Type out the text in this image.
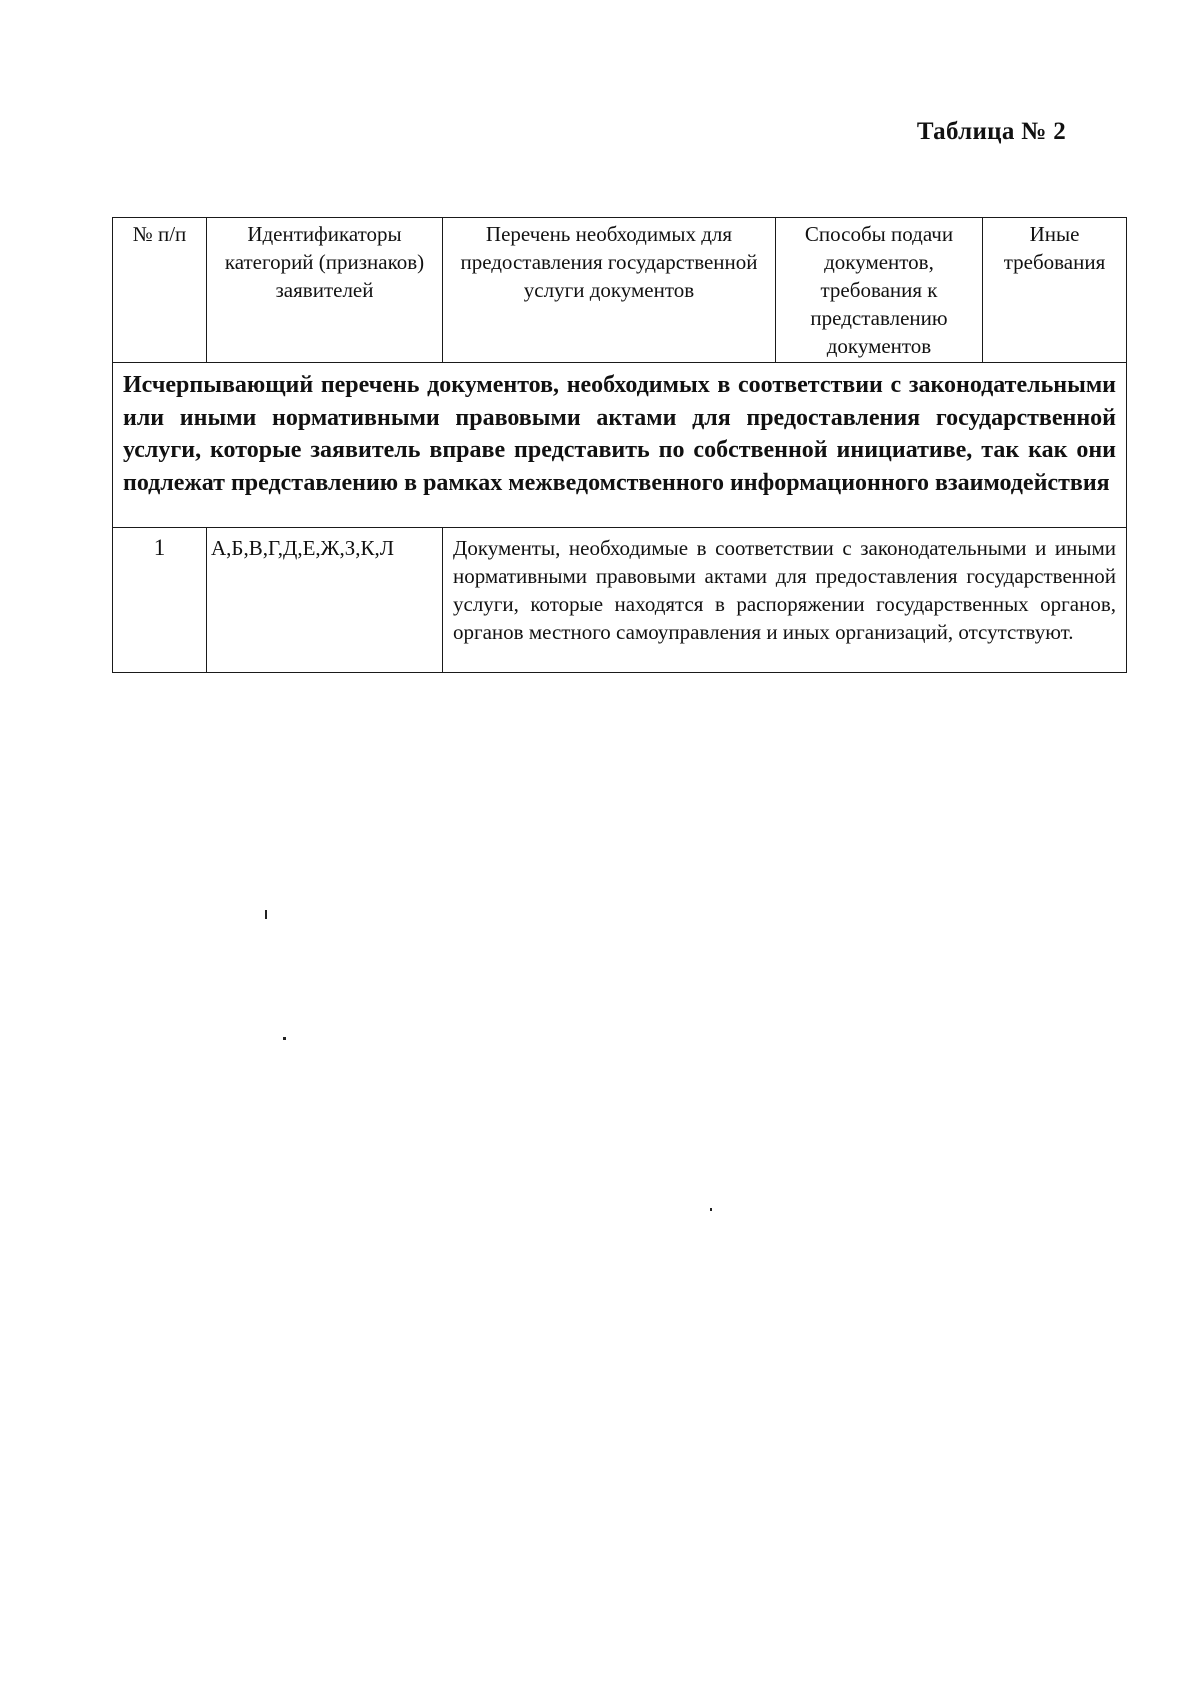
Таблица № 2
№ п/п	Идентификаторы категорий (признаков) заявителей	Перечень необходимых для предоставления государственной услуги документов	Способы подачи документов, требования к представлению документов	Иные требования
Исчерпывающий перечень документов, необходимых в соответствии с законодательными или иными нормативными правовыми актами для предоставления государственной услуги, которые заявитель вправе представить по собственной инициативе, так как они подлежат представлению в рамках межведомственного информационного взаимодействия				
1	А,Б,В,Г,Д,Е,Ж,З,К,Л	Документы, необходимые в соответствии с законодательными и иными нормативными правовыми актами для предоставления государственной услуги, которые находятся в распоряжении государственных органов, органов местного самоуправления и иных организаций, отсутствуют.		
